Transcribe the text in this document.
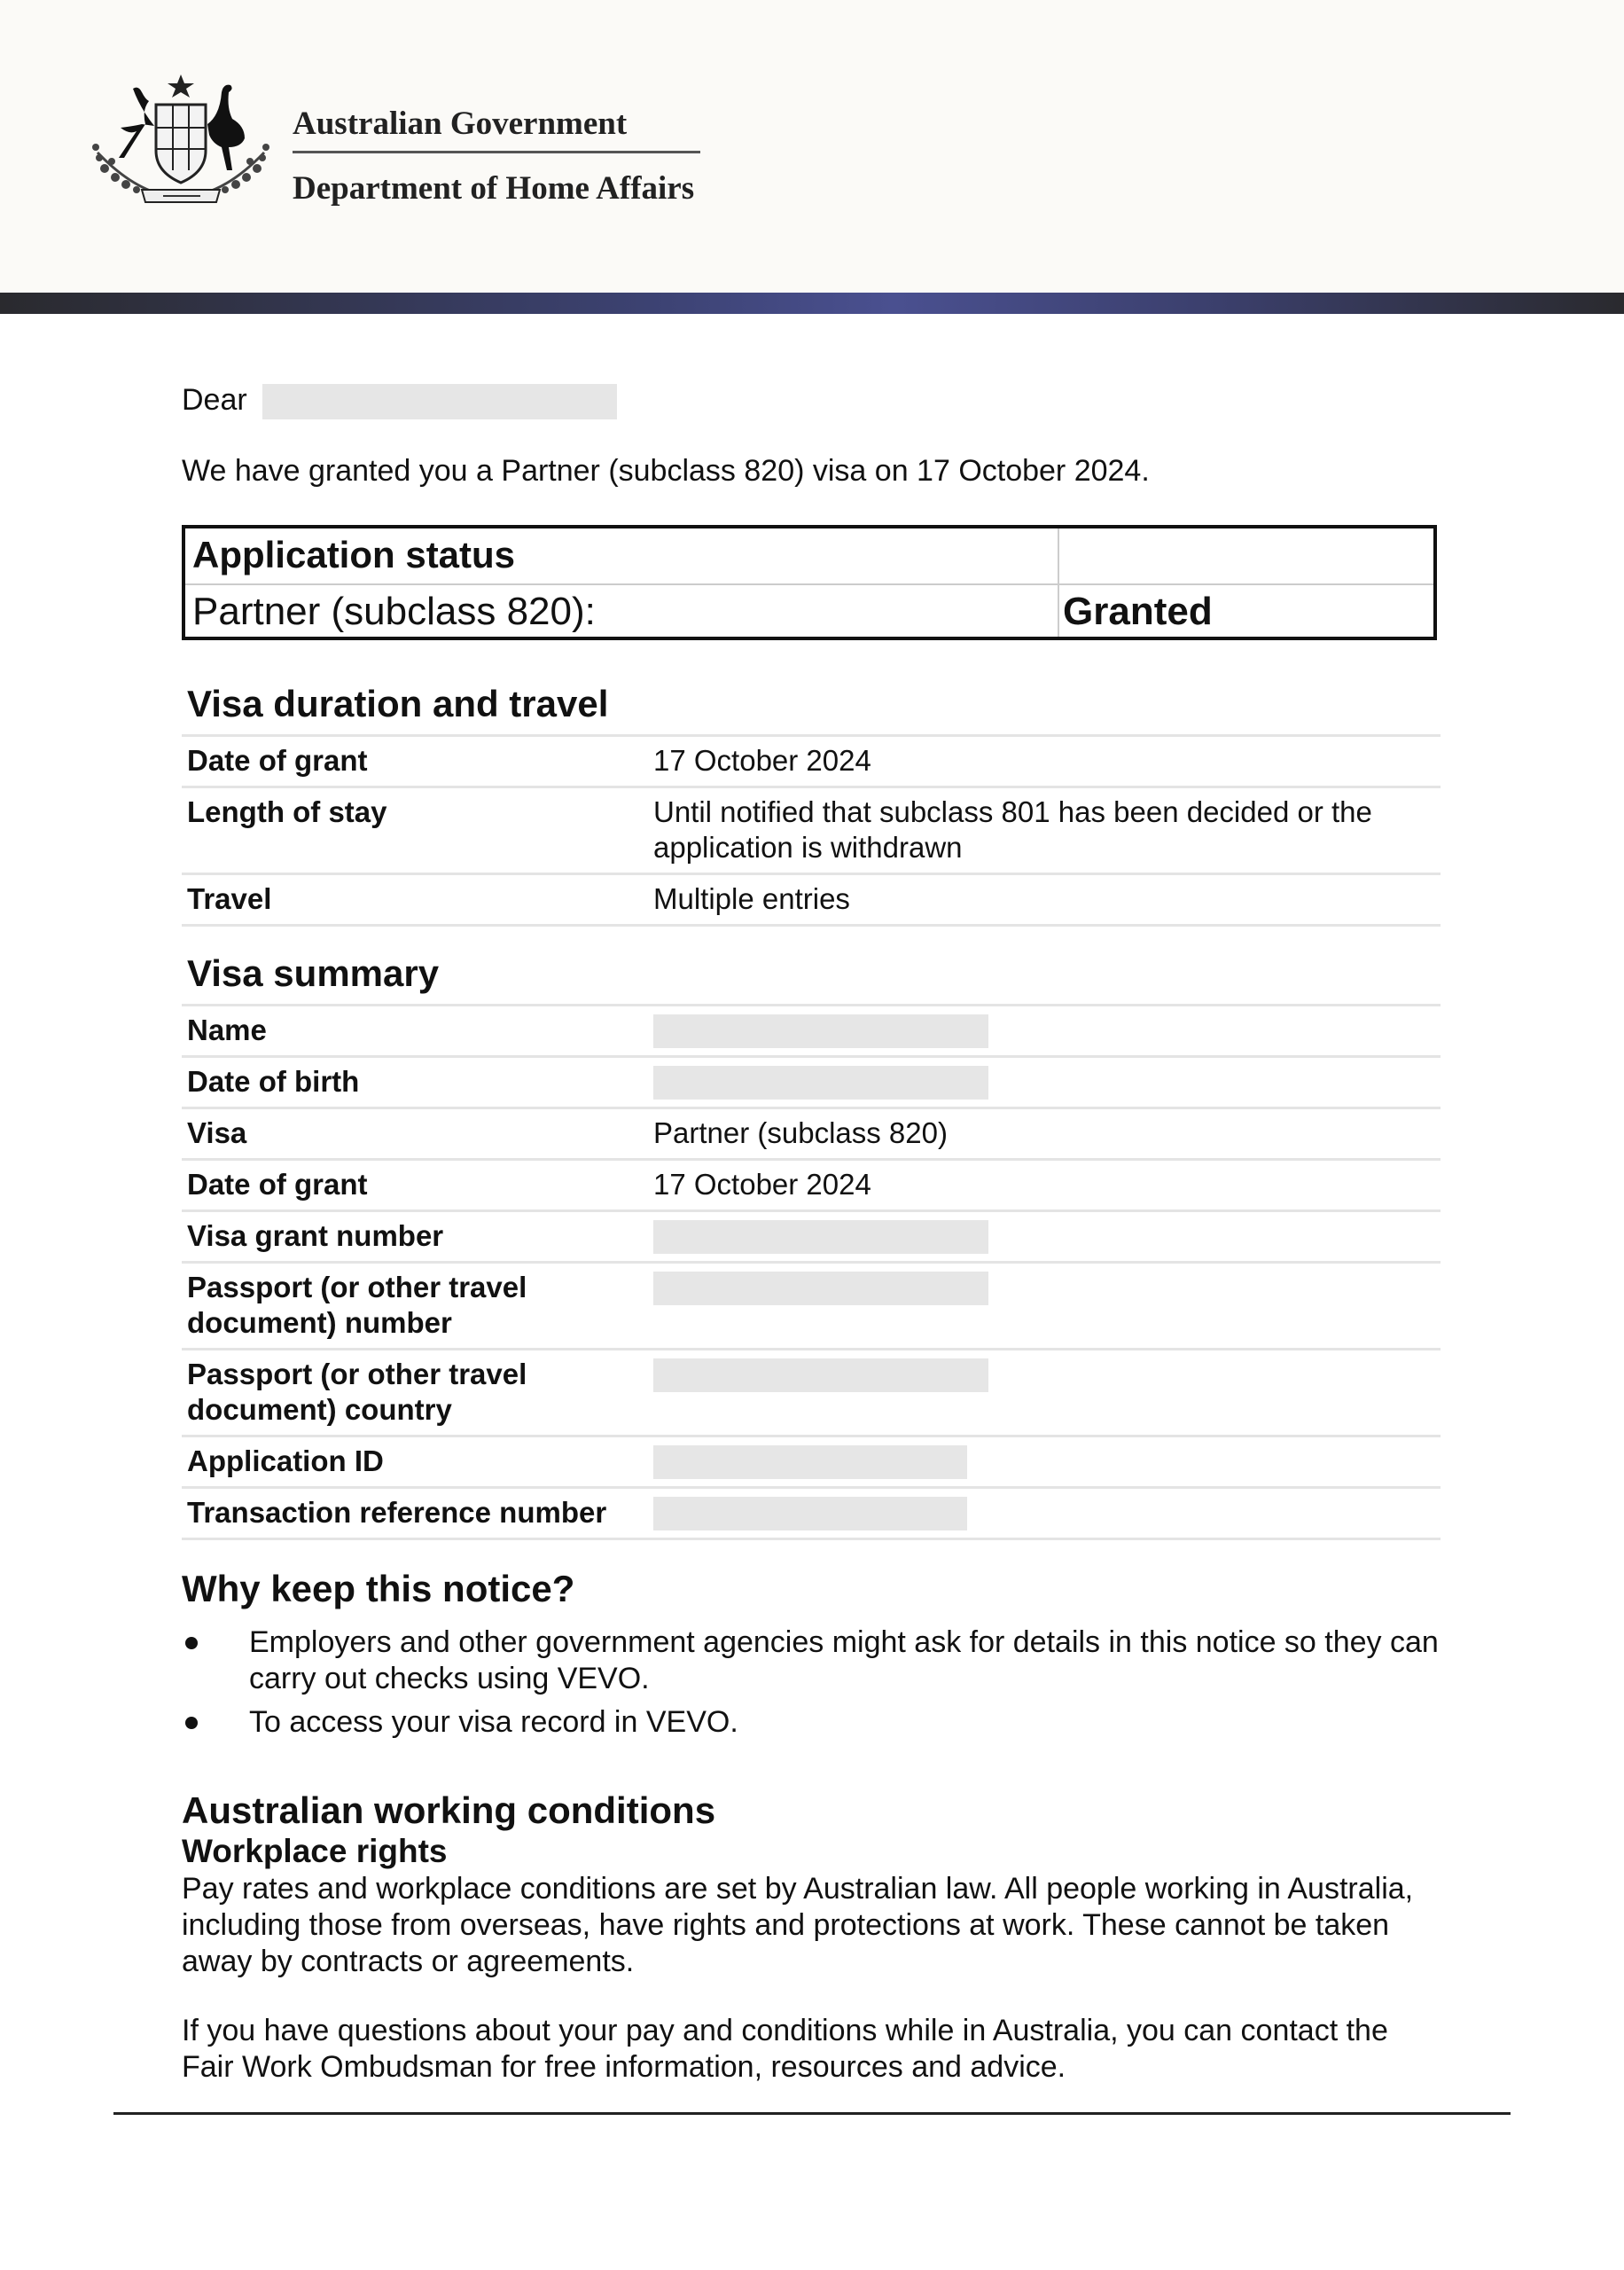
Australian Government
Department of Home Affairs

Dear

We have granted you a Partner (subclass 820) visa on 17 October 2024.

Application status
Partner (subclass 820):	Granted
Visa duration and travel
Date of grant	17 October 2024
Length of stay	Until notified that subclass 801 has been decided or the application is withdrawn
Travel	Multiple entries
Visa summary
Name	

Date of birth	

Visa	Partner (subclass 820)
Date of grant	17 October 2024
Visa grant number	

Passport (or other travel document) number	

Passport (or other travel document) country	

Application ID	

Transaction reference number	
Why keep this notice?
Employers and other government agencies might ask for details in this notice so they can carry out checks using VEVO.
To access your visa record in VEVO.
Australian working conditions
Workplace rights
Pay rates and workplace conditions are set by Australian law. All people working in Australia, including those from overseas, have rights and protections at work. These cannot be taken away by contracts or agreements.
If you have questions about your pay and conditions while in Australia, you can contact the Fair Work Ombudsman for free information, resources and advice.
